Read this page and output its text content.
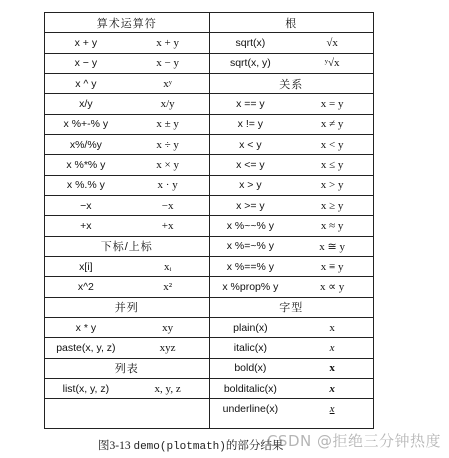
算术运算符
x + y	x + y
x − y	x − y
x ^ y	xʸ
x/y	x/y
x %+-% y	x ± y
x%/%y	x ÷ y
x %*% y	x × y
x %.% y	x · y
−x	−x
+x	+x
下标/上标
x[i]	xᵢ
x^2	x²
并列
x * y	xy
paste(x, y, z)	xyz
列表
list(x, y, z)	x, y, z
根
sqrt(x)	√x
sqrt(x, y)	ʸ√x
关系
x == y	x = y
x != y	x ≠ y
x < y	x < y
x <= y	x ≤ y
x > y	x > y
x >= y	x ≥ y
x %~~% y	x ≈ y
x %=~% y	x ≅ y
x %==% y	x ≡ y
x %prop% y	x ∝ y
字型
plain(x)	x
italic(x)	x
bold(x)	x
bolditalic(x)	x
underline(x)	x
图3-13 demo(plotmath)的部分结果
CSDN @拒绝三分钟热度
